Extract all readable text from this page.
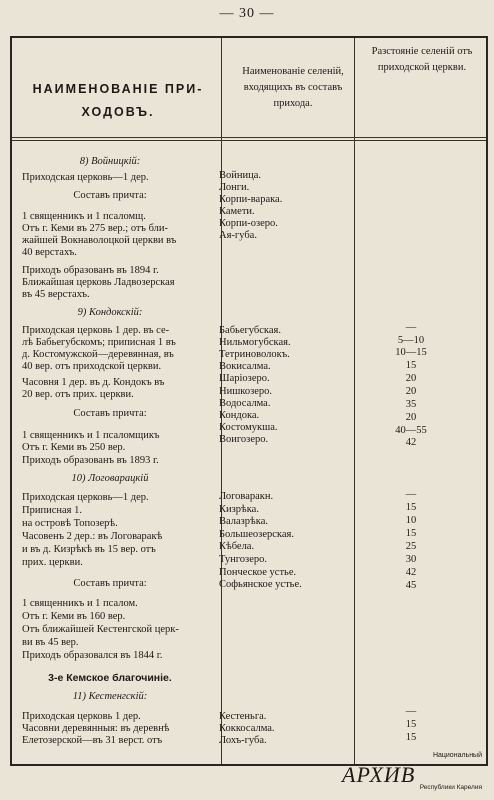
— 30 —
НАИМЕНОВАНІЕ ПРИ-ХОДОВЪ.
Наименованіе селеній, входящихъ въ составъ прихода.
Разстояніе селеній отъ приходской церкви.
8) Войницкій:
Приходская церковь—1 дер.
Составъ причта:
1 священникъ и 1 псаломщ.
Отъ г. Кеми въ 275 вер.; отъ бли-
жайшей Вокнаволоцкой церкви въ
40 верстахъ.
Приходъ образованъ въ 1894 г.
Ближайшая церковь Ладвозерская
въ 45 верстахъ.
9) Кондокскій:
Приходская церковь 1 дер. въ се-
лѣ Бабьегубскомъ; приписная 1 въ
д. Костомужской—деревянная, въ
40 вер. отъ приходской церкви.
Часовня 1 дер. въ д. Кондокъ въ
20 вер. отъ прих. церкви.
Составъ причта:
1 священникъ и 1 псаломщикъ
Отъ г. Кеми въ 250 вер.
Приходъ образованъ въ 1893 г.
10) Логоварацкій
Приходская церковь—1 дер.
Приписная 1.
на островѣ Топозерѣ.
Часовенъ 2 дер.: въ Логоваракѣ
и въ д. Кизрѣкѣ въ 15 вер. отъ
прих. церкви.
Составъ причта:
1 священникъ и 1 псалом.
Отъ г. Кеми въ 160 вер.
Отъ ближайшей Кестенгской церк-
ви въ 45 вер.
Приходъ образовался въ 1844 г.
3-е Кемское благочиніе.
11) Кестенгскій:
Приходская церковь 1 дер.
Часовни деревянныя: въ деревнѣ
Елетозерской—въ 31 верст. отъ
Войница.
Лонги.
Корпи-варака.
Камети.
Корпи-озеро.
Ая-губа.
Бабьегубская.
Нильмогубская.
Тетриноволокъ.
Вокисалма.
Шаріозеро.
Нишкозеро.
Водосалма.
Кондока.
Костомукша.
Воигозеро.
Логоваракн.
Кизрѣка.
Валазрѣка.
Большеозерская.
Кѣбела.
Тунгозеро.
Понческое устье.
Софьянское устье.
Кестеньга.
Коккосалма.
Лохъ-губа.
—
5—10
10—15
15
20
20
35
20
40—55
42
—
15
10
15
25
30
42
45
—
15
15
Национальный
АРХИВ
Республики Карелия
